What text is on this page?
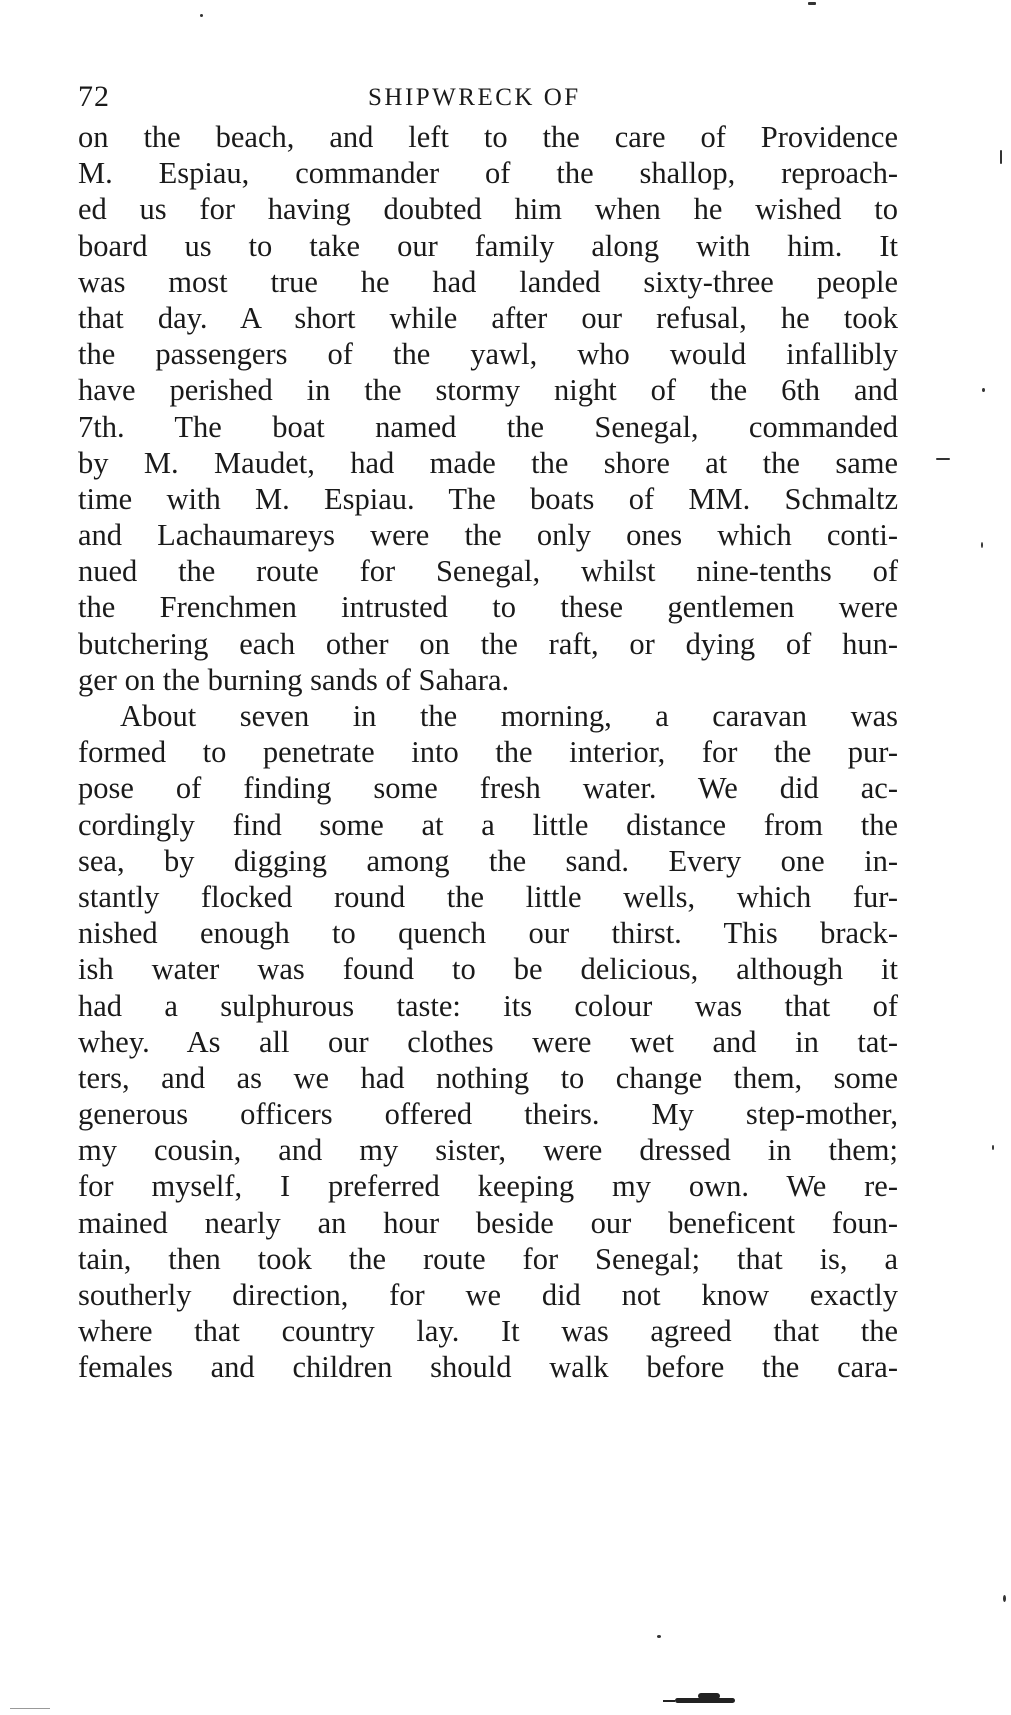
72	SHIPWRECK OF
on the beach, and left to the care of Providence
M. Espiau, commander of the shallop, reproach-
ed us for having doubted him when he wished to
board us to take our family along with him. It
was most true he had landed sixty-three people
that day. A short while after our refusal, he took
the passengers of the yawl, who would infallibly
have perished in the stormy night of the 6th and
7th. The boat named the Senegal, commanded
by M. Maudet, had made the shore at the same
time with M. Espiau. The boats of MM. Schmaltz
and Lachaumareys were the only ones which conti-
nued the route for Senegal, whilst nine-tenths of
the Frenchmen intrusted to these gentlemen were
butchering each other on the raft, or dying of hun-
ger on the burning sands of Sahara.
About seven in the morning, a caravan was
formed to penetrate into the interior, for the pur-
pose of finding some fresh water. We did ac-
cordingly find some at a little distance from the
sea, by digging among the sand. Every one in-
stantly flocked round the little wells, which fur-
nished enough to quench our thirst. This brack-
ish water was found to be delicious, although it
had a sulphurous taste: its colour was that of
whey. As all our clothes were wet and in tat-
ters, and as we had nothing to change them, some
generous officers offered theirs. My step-mother,
my cousin, and my sister, were dressed in them;
for myself, I preferred keeping my own. We re-
mained nearly an hour beside our beneficent foun-
tain, then took the route for Senegal; that is, a
southerly direction, for we did not know exactly
where that country lay. It was agreed that the
females and children should walk before the cara-
